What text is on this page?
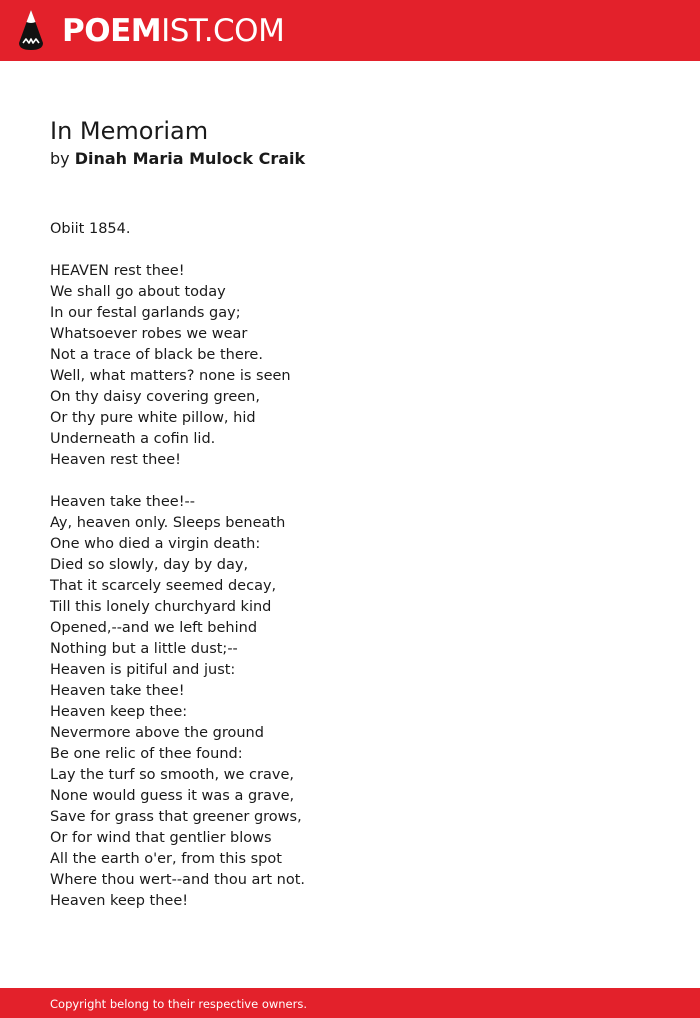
POEMIST.COM
In Memoriam
by Dinah Maria Mulock Craik
Obiit 1854.
HEAVEN rest thee!
We shall go about today
In our festal garlands gay;
Whatsoever robes we wear
Not a trace of black be there.
Well, what matters? none is seen
On thy daisy covering green,
Or thy pure white pillow, hid
Underneath a cofin lid.
Heaven rest thee!
Heaven take thee!--
Ay, heaven only. Sleeps beneath
One who died a virgin death:
Died so slowly, day by day,
That it scarcely seemed decay,
Till this lonely churchyard kind
Opened,--and we left behind
Nothing but a little dust;--
Heaven is pitiful and just:
Heaven take thee!
Heaven keep thee:
Nevermore above the ground
Be one relic of thee found:
Lay the turf so smooth, we crave,
None would guess it was a grave,
Save for grass that greener grows,
Or for wind that gentlier blows
All the earth o'er, from this spot
Where thou wert--and thou art not.
Heaven keep thee!
Copyright belong to their respective owners.
